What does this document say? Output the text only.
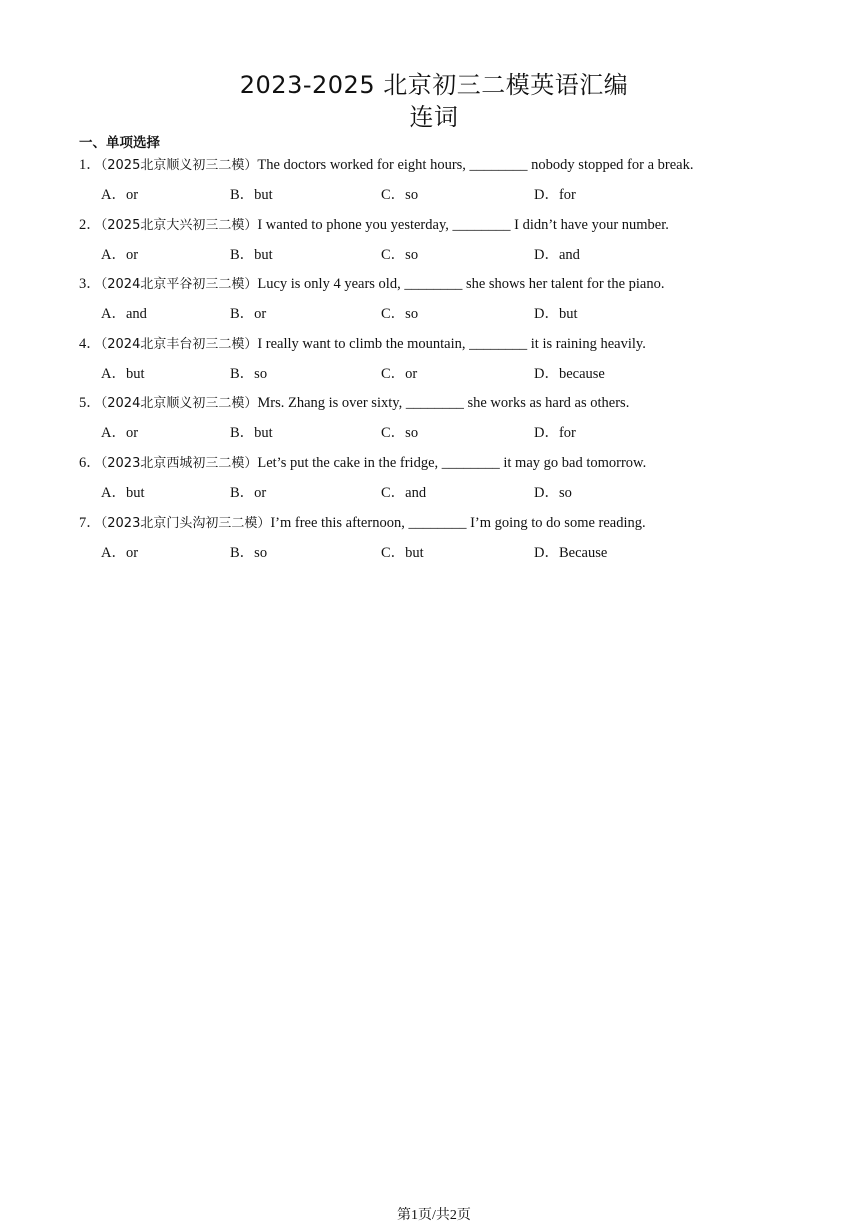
2023-2025 北京初三二模英语汇编
连词
一、单项选择
1．（2025北京顺义初三二模）The doctors worked for eight hours, ________ nobody stopped for a break.
A．or	B．but	C．so	D．for
2．（2025北京大兴初三二模）I wanted to phone you yesterday, ________ I didn’t have your number.
A．or	B．but	C．so	D．and
3．（2024北京平谷初三二模）Lucy is only 4 years old, ________ she shows her talent for the piano.
A．and	B．or	C．so	D．but
4．（2024北京丰台初三二模）I really want to climb the mountain, ________ it is raining heavily.
A．but	B．so	C．or	D．because
5．（2024北京顺义初三二模）Mrs. Zhang is over sixty, ________ she works as hard as others.
A．or	B．but	C．so	D．for
6．（2023北京西城初三二模）Let’s put the cake in the fridge, ________ it may go bad tomorrow.
A．but	B．or	C．and	D．so
7．（2023北京门头沟初三二模）I’m free this afternoon, ________ I’m going to do some reading.
A．or	B．so	C．but	D．Because
第1页/共2页
